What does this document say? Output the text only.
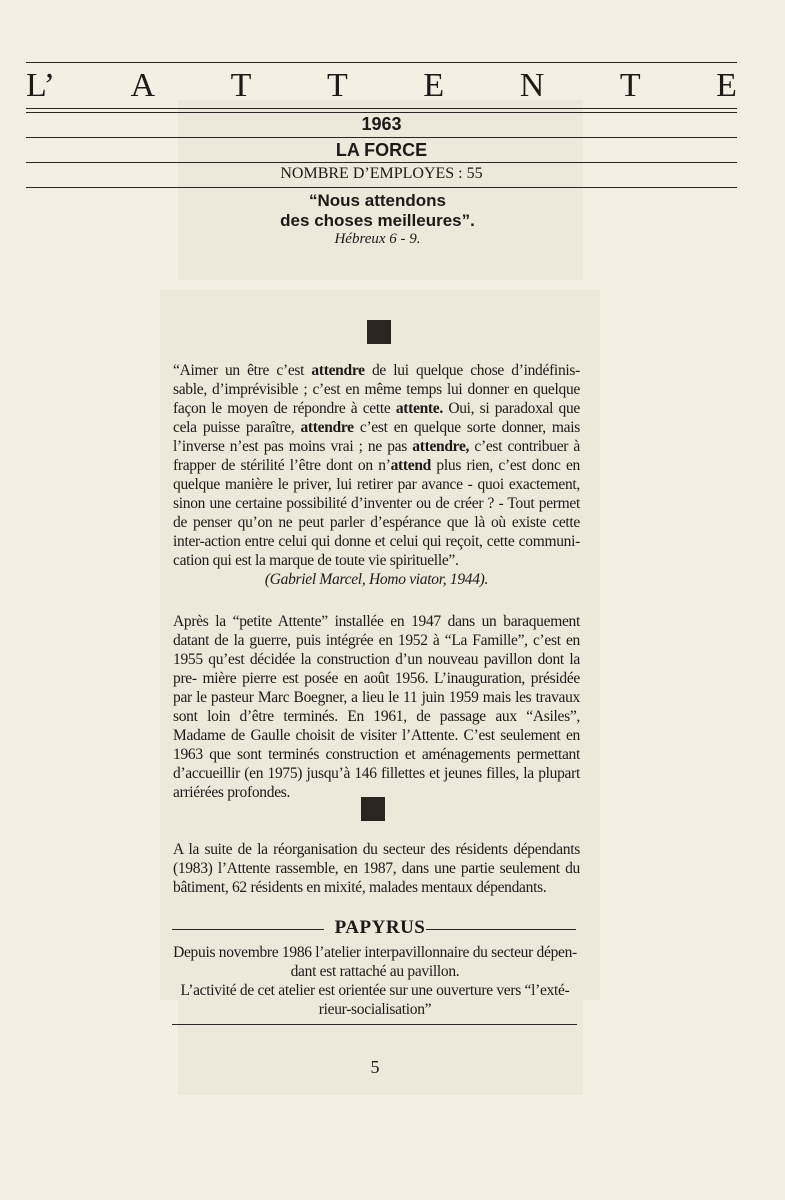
L’ A T T E N T E
1963
LA FORCE
NOMBRE D’EMPLOYES : 55
“Nous attendons
des choses meilleures”.
Hébreux 6 - 9.
“Aimer un être c’est attendre de lui quelque chose d’indéfinis- sable, d’imprévisible ; c’est en même temps lui donner en quelque façon le moyen de répondre à cette attente. Oui, si paradoxal que cela puisse paraître, attendre c’est en quelque sorte donner, mais l’inverse n’est pas moins vrai ; ne pas attendre, c’est contribuer à frapper de stérilité l’être dont on n’attend plus rien, c’est donc en quelque manière le priver, lui retirer par avance - quoi exactement, sinon une certaine possibilité d’inventer ou de créer ? - Tout permet de penser qu’on ne peut parler d’espérance que là où existe cette inter-action entre celui qui donne et celui qui reçoit, cette communi- cation qui est la marque de toute vie spirituelle”.
(Gabriel Marcel, Homo viator, 1944).
Après la “petite Attente” installée en 1947 dans un baraquement datant de la guerre, puis intégrée en 1952 à “La Famille”, c’est en 1955 qu’est décidée la construction d’un nouveau pavillon dont la pre- mière pierre est posée en août 1956. L’inauguration, présidée par le pasteur Marc Boegner, a lieu le 11 juin 1959 mais les travaux sont loin d’être terminés. En 1961, de passage aux “Asiles”, Madame de Gaulle choisit de visiter l’Attente. C’est seulement en 1963 que sont terminés construction et aménagements permettant d’accueillir (en 1975) jusqu’à 146 fillettes et jeunes filles, la plupart arriérées profondes.
A la suite de la réorganisation du secteur des résidents dépendants (1983) l’Attente rassemble, en 1987, dans une partie seulement du bâtiment, 62 résidents en mixité, malades mentaux dépendants.
PAPYRUS
Depuis novembre 1986 l’atelier interpavillonnaire du secteur dépen-
dant est rattaché au pavillon.
L’activité de cet atelier est orientée sur une ouverture vers “l’exté-
rieur-socialisation”
5
